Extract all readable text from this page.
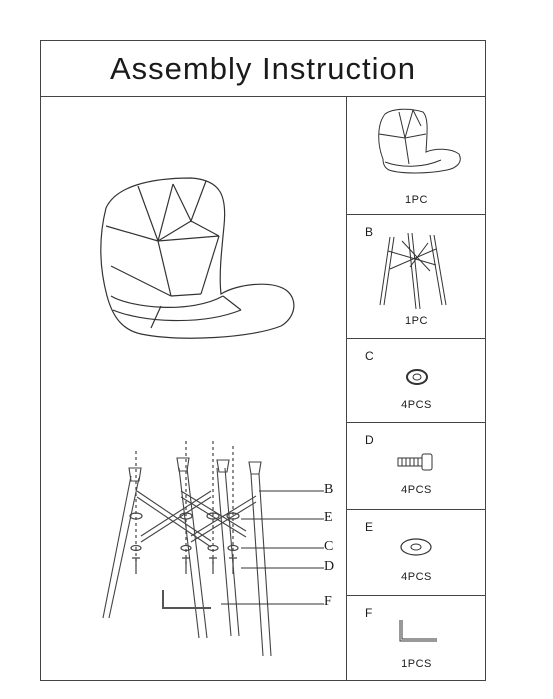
Assembly Instruction
B
E
C
D
F
1PC
B
1PC
C
4PCS
D
4PCS
E
4PCS
F
1PCS
